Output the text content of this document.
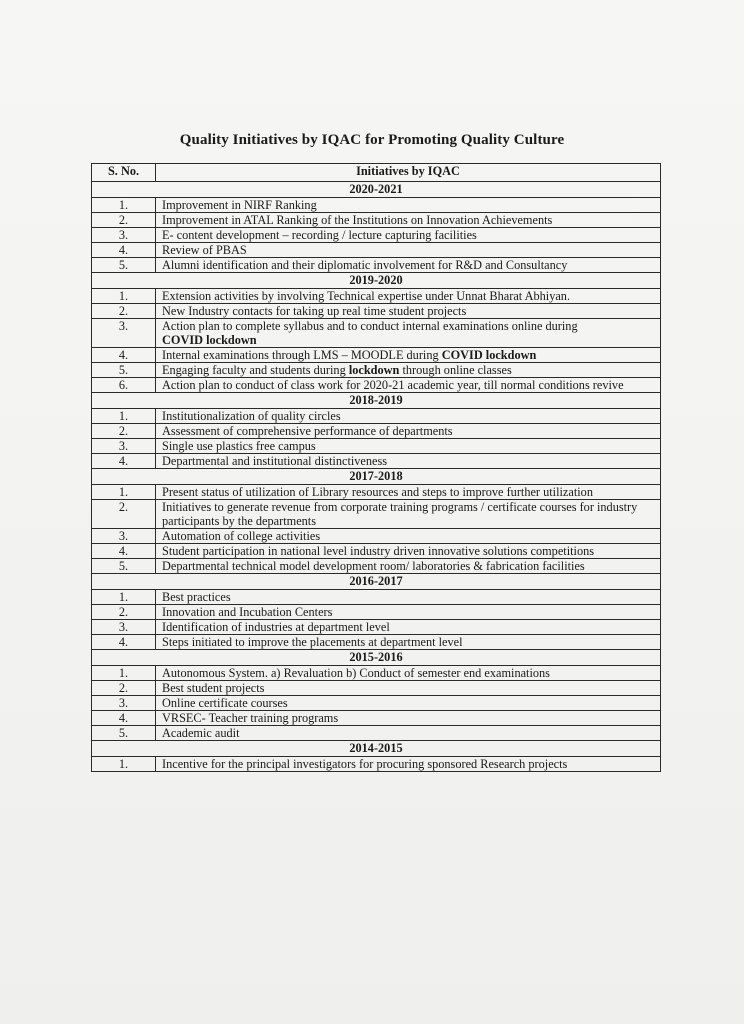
Quality Initiatives by IQAC for Promoting Quality Culture
S. No.	Initiatives by IQAC
2020-2021	
1.	Improvement in NIRF Ranking
2.	Improvement in ATAL Ranking of the Institutions on Innovation Achievements
3.	E- content development – recording / lecture capturing facilities
4.	Review of PBAS
5.	Alumni identification and their diplomatic involvement for R&D and Consultancy
2019-2020	
1.	Extension activities by involving Technical expertise under Unnat Bharat Abhiyan.
2.	New Industry contacts for taking up real time student projects
3.	Action plan to complete syllabus and to conduct internal examinations online during
COVID lockdown
4.	Internal examinations through LMS – MOODLE during COVID lockdown
5.	Engaging faculty and students during lockdown through online classes
6.	Action plan to conduct of class work for 2020-21 academic year, till normal conditions revive
2018-2019	
1.	Institutionalization of quality circles
2.	Assessment of comprehensive performance of departments
3.	Single use plastics free campus
4.	Departmental and institutional distinctiveness
2017-2018	
1.	Present status of utilization of Library resources and steps to improve further utilization
2.	Initiatives to generate revenue from corporate training programs / certificate courses for industry participants by the departments
3.	Automation of college activities
4.	Student participation in national level industry driven innovative solutions competitions
5.	Departmental technical model development room/ laboratories & fabrication facilities
2016-2017	
1.	Best practices
2.	Innovation and Incubation Centers
3.	Identification of industries at department level
4.	Steps initiated to improve the placements at department level
2015-2016	
1.	Autonomous System. a) Revaluation b) Conduct of semester end examinations
2.	Best student projects
3.	Online certificate courses
4.	VRSEC- Teacher training programs
5.	Academic audit
2014-2015	
1.	Incentive for the principal investigators for procuring sponsored Research projects
